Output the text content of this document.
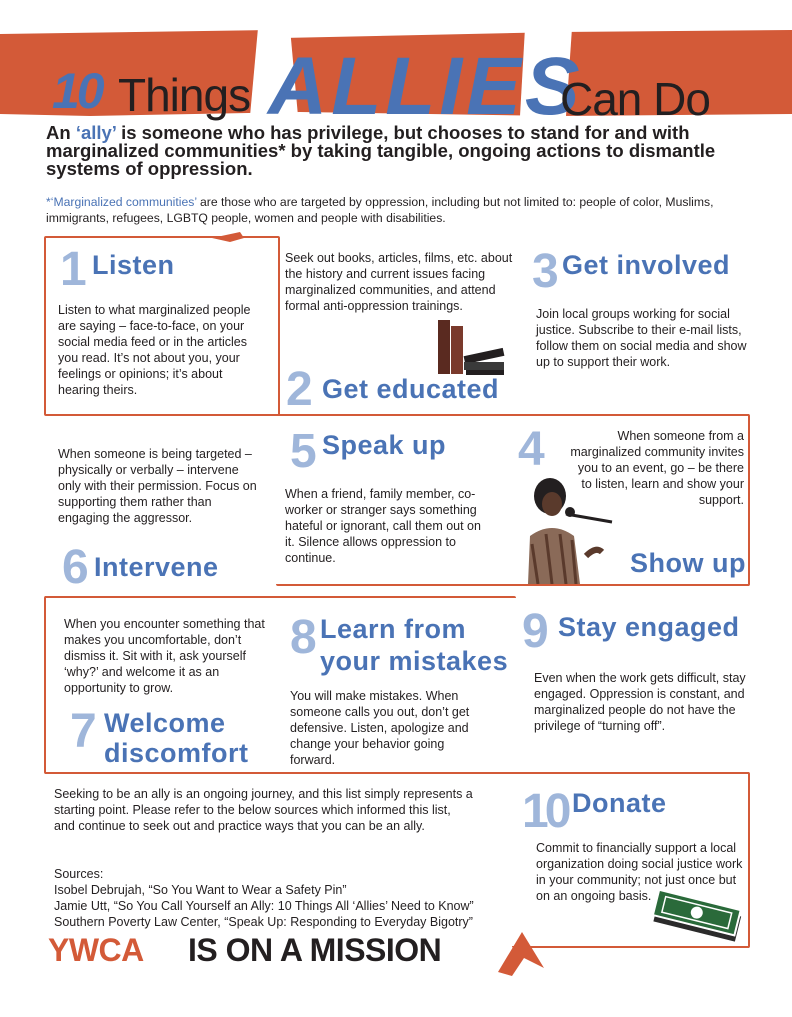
10 Things ALLIES
Can Do
An ‘ally’ is someone who has privilege, but chooses to stand for and with marginalized communities* by taking tangible, ongoing actions to dismantle systems of oppression.
*‘Marginalized communities’ are those who are targeted by oppression, including but not limited to: people of color, Muslims, immigrants, refugees, LGBTQ people, women and people with disabilities.
1 Listen
Listen to what marginalized people are saying – face-to-face, on your social media feed or in the articles you read. It’s not about you, your feelings or opinions; it’s about hearing theirs.
Seek out books, articles, films, etc. about the history and current issues facing marginalized communities, and attend formal anti-oppression trainings.
2 Get educated
3 Get involved
Join local groups working for social justice. Subscribe to their e-mail lists, follow them on social media and show up to support their work.
When someone is being targeted – physically or verbally – intervene only with their permission. Focus on supporting them rather than engaging the aggressor.
6 Intervene
5 Speak up
When a friend, family member, co-worker or stranger says something hateful or ignorant, call them out on it. Silence allows oppression to continue.
4	When someone from a marginalized community invites you to an event, go – be there to listen, learn and show your support.
Show up
When you encounter something that makes you uncomfortable, don’t dismiss it. Sit with it, ask yourself ‘why?’ and welcome it as an opportunity to grow.
7 Welcome
discomfort
8 Learn from
your mistakes
You will make mistakes. When someone calls you out, don’t get defensive. Listen, apologize and change your behavior going forward.
9 Stay engaged
Even when the work gets difficult, stay engaged. Oppression is constant, and marginalized people do not have the privilege of “turning off”.
Seeking to be an ally is an ongoing journey, and this list simply represents a starting point. Please refer to the below sources which informed this list, and continue to seek out and practice ways that you can be an ally.
Sources:
Isobel Debrujah, “So You Want to Wear a Safety Pin”
Jamie Utt, “So You Call Yourself an Ally: 10 Things All ‘Allies’ Need to Know”
Southern Poverty Law Center, “Speak Up: Responding to Everyday Bigotry”
10 Donate
Commit to financially support a local organization doing social justice work in your community; not just once but on an ongoing basis.
YWCA IS ON A MISSION
